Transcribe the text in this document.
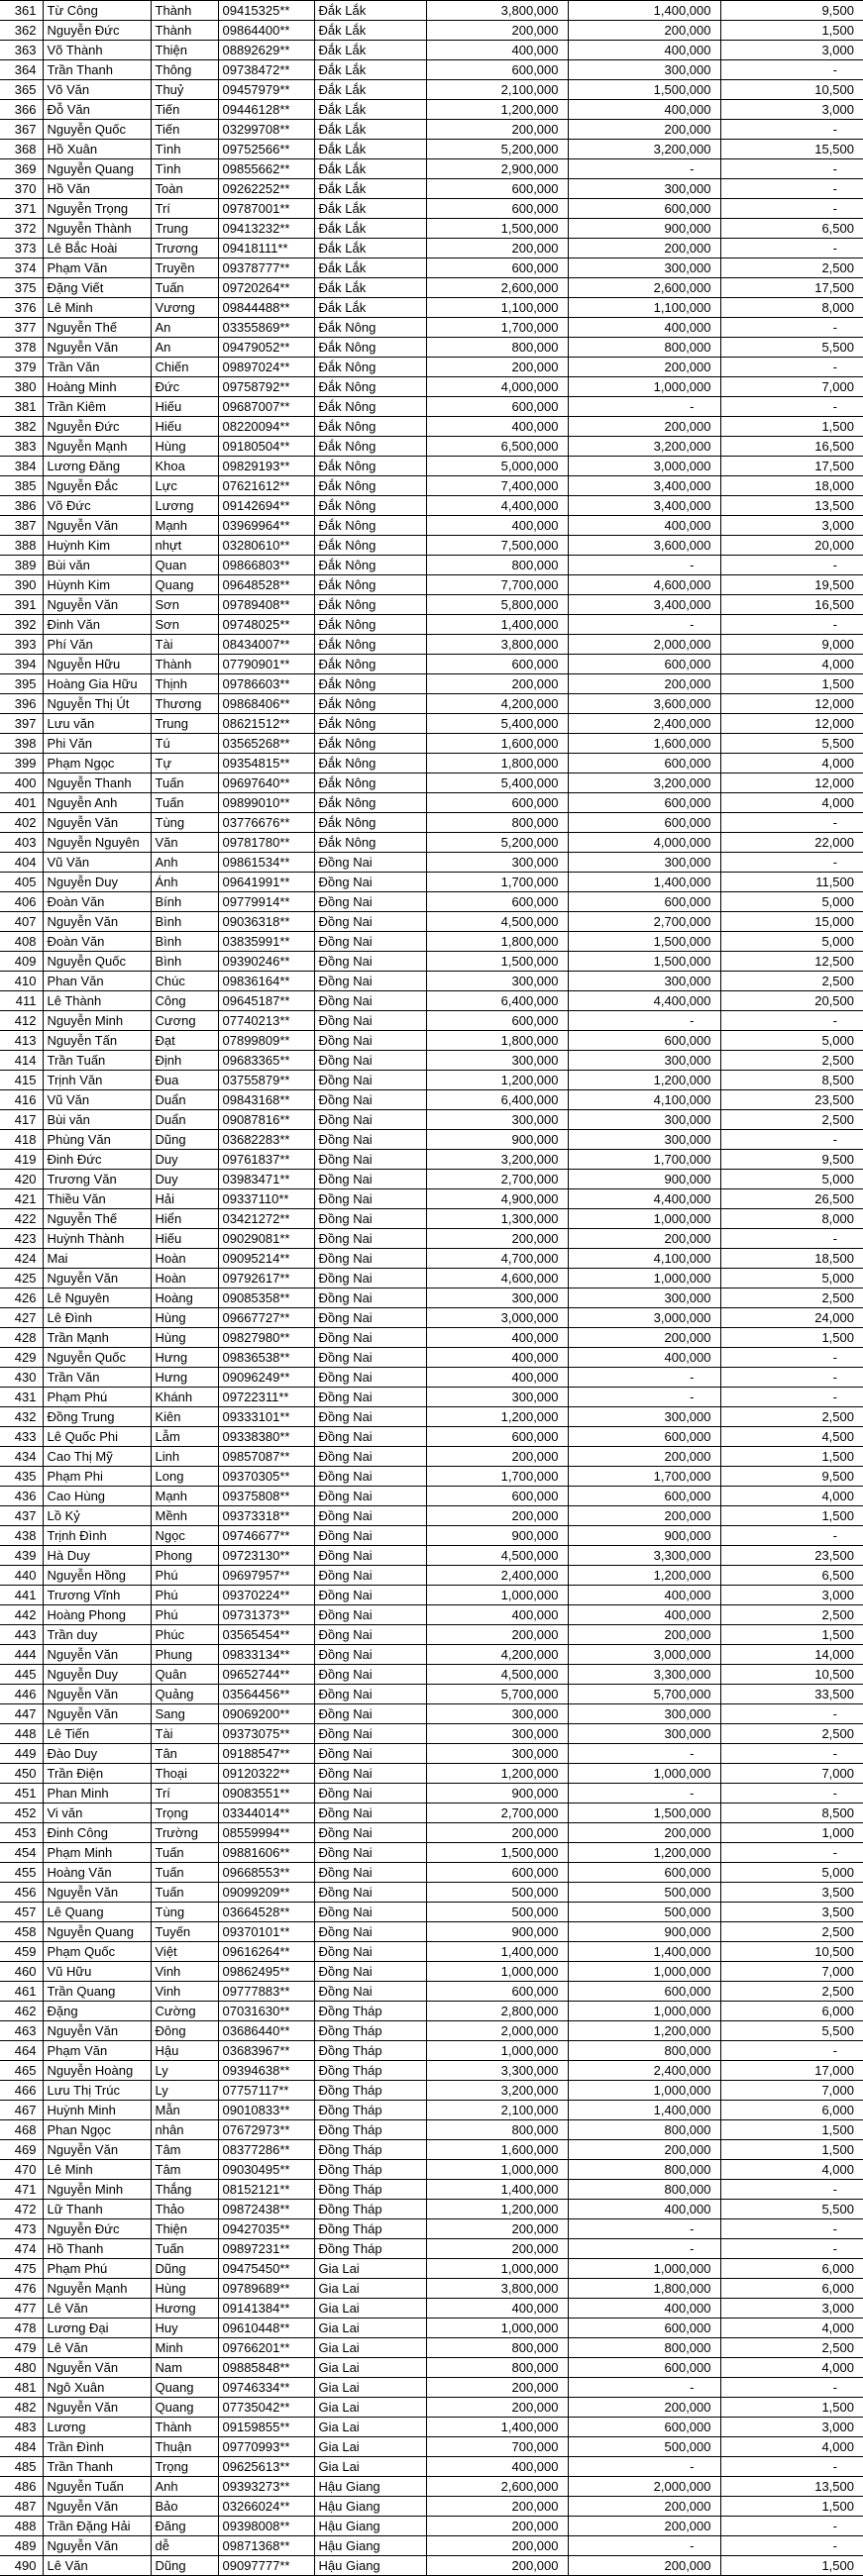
361	Từ Công	Thành	09415325**	Đắk Lắk	3,800,000	1,400,000	9,500
362	Nguyễn Đức	Thành	09864400**	Đắk Lắk	200,000	200,000	1,500
363	Võ Thành	Thiện	08892629**	Đắk Lắk	400,000	400,000	3,000
364	Trần Thanh	Thông	09738472**	Đắk Lắk	600,000	300,000	-
365	Võ Văn	Thuỷ	09457979**	Đắk Lắk	2,100,000	1,500,000	10,500
366	Đỗ Văn	Tiến	09446128**	Đắk Lắk	1,200,000	400,000	3,000
367	Nguyễn Quốc	Tiến	03299708**	Đắk Lắk	200,000	200,000	-
368	Hồ Xuân	Tình	09752566**	Đắk Lắk	5,200,000	3,200,000	15,500
369	Nguyễn Quang	Tình	09855662**	Đắk Lắk	2,900,000	-	-
370	Hồ Văn	Toàn	09262252**	Đắk Lắk	600,000	300,000	-
371	Nguyễn Trọng	Trí	09787001**	Đắk Lắk	600,000	600,000	-
372	Nguyễn Thành	Trung	09413232**	Đắk Lắk	1,500,000	900,000	6,500
373	Lê Bắc Hoài	Trương	09418111**	Đắk Lắk	200,000	200,000	-
374	Phạm Văn	Truyền	09378777**	Đắk Lắk	600,000	300,000	2,500
375	Đặng Viết	Tuấn	09720264**	Đắk Lắk	2,600,000	2,600,000	17,500
376	Lê Minh	Vương	09844488**	Đắk Lắk	1,100,000	1,100,000	8,000
377	Nguyễn Thế	An	03355869**	Đắk Nông	1,700,000	400,000	-
378	Nguyễn Văn	An	09479052**	Đắk Nông	800,000	800,000	5,500
379	Trần Văn	Chiến	09897024**	Đắk Nông	200,000	200,000	-
380	Hoàng Minh	Đức	09758792**	Đắk Nông	4,000,000	1,000,000	7,000
381	Trần Kiêm	Hiếu	09687007**	Đắk Nông	600,000	-	-
382	Nguyễn Đức	Hiếu	08220094**	Đắk Nông	400,000	200,000	1,500
383	Nguyễn Mạnh	Hùng	09180504**	Đắk Nông	6,500,000	3,200,000	16,500
384	Lương Đăng	Khoa	09829193**	Đắk Nông	5,000,000	3,000,000	17,500
385	Nguyễn Đắc	Lực	07621612**	Đắk Nông	7,400,000	3,400,000	18,000
386	Võ Đức	Lương	09142694**	Đắk Nông	4,400,000	3,400,000	13,500
387	Nguyễn Văn	Mạnh	03969964**	Đắk Nông	400,000	400,000	3,000
388	Huỳnh Kim	nhựt	03280610**	Đắk Nông	7,500,000	3,600,000	20,000
389	Bùi văn	Quan	09866803**	Đắk Nông	800,000	-	-
390	Hùynh Kim	Quang	09648528**	Đắk Nông	7,700,000	4,600,000	19,500
391	Nguyễn Văn	Sơn	09789408**	Đắk Nông	5,800,000	3,400,000	16,500
392	Đinh Văn	Sơn	09748025**	Đắk Nông	1,400,000	-	-
393	Phí Văn	Tài	08434007**	Đắk Nông	3,800,000	2,000,000	9,000
394	Nguyễn Hữu	Thành	07790901**	Đắk Nông	600,000	600,000	4,000
395	Hoàng Gia Hữu	Thịnh	09786603**	Đắk Nông	200,000	200,000	1,500
396	Nguyễn Thị Út	Thương	09868406**	Đắk Nông	4,200,000	3,600,000	12,000
397	Lưu văn	Trung	08621512**	Đắk Nông	5,400,000	2,400,000	12,000
398	Phi Văn	Tú	03565268**	Đắk Nông	1,600,000	1,600,000	5,500
399	Phạm Ngọc	Tự	09354815**	Đắk Nông	1,800,000	600,000	4,000
400	Nguyễn Thanh	Tuấn	09697640**	Đắk Nông	5,400,000	3,200,000	12,000
401	Nguyễn Anh	Tuấn	09899010**	Đắk Nông	600,000	600,000	4,000
402	Nguyễn Văn	Tùng	03776676**	Đắk Nông	800,000	600,000	-
403	Nguyễn Nguyên	Văn	09781780**	Đắk Nông	5,200,000	4,000,000	22,000
404	Vũ Văn	Anh	09861534**	Đồng Nai	300,000	300,000	-
405	Nguyễn Duy	Ánh	09641991**	Đồng Nai	1,700,000	1,400,000	11,500
406	Đoàn Văn	Bính	09779914**	Đồng Nai	600,000	600,000	5,000
407	Nguyễn Văn	Bình	09036318**	Đồng Nai	4,500,000	2,700,000	15,000
408	Đoàn Văn	Bình	03835991**	Đồng Nai	1,800,000	1,500,000	5,000
409	Nguyễn Quốc	Bình	09390246**	Đồng Nai	1,500,000	1,500,000	12,500
410	Phan Văn	Chúc	09836164**	Đồng Nai	300,000	300,000	2,500
411	Lê Thành	Công	09645187**	Đồng Nai	6,400,000	4,400,000	20,500
412	Nguyễn Minh	Cương	07740213**	Đồng Nai	600,000	-	-
413	Nguyễn Tấn	Đạt	07899809**	Đồng Nai	1,800,000	600,000	5,000
414	Trần Tuấn	Định	09683365**	Đồng Nai	300,000	300,000	2,500
415	Trịnh Văn	Đua	03755879**	Đồng Nai	1,200,000	1,200,000	8,500
416	Vũ Văn	Duẩn	09843168**	Đồng Nai	6,400,000	4,100,000	23,500
417	Bùi văn	Duẩn	09087816**	Đồng Nai	300,000	300,000	2,500
418	Phùng Văn	Dũng	03682283**	Đồng Nai	900,000	300,000	-
419	Đinh Đức	Duy	09761837**	Đồng Nai	3,200,000	1,700,000	9,500
420	Trương Văn	Duy	03983471**	Đồng Nai	2,700,000	900,000	5,000
421	Thiều Văn	Hải	09337110**	Đồng Nai	4,900,000	4,400,000	26,500
422	Nguyễn Thế	Hiển	03421272**	Đồng Nai	1,300,000	1,000,000	8,000
423	Huỳnh Thành	Hiếu	09029081**	Đồng Nai	200,000	200,000	-
424	Mai	Hoàn	09095214**	Đồng Nai	4,700,000	4,100,000	18,500
425	Nguyễn Văn	Hoàn	09792617**	Đồng Nai	4,600,000	1,000,000	5,000
426	Lê Nguyên	Hoàng	09085358**	Đồng Nai	300,000	300,000	2,500
427	Lê Đình	Hùng	09667727**	Đồng Nai	3,000,000	3,000,000	24,000
428	Trần Mạnh	Hùng	09827980**	Đồng Nai	400,000	200,000	1,500
429	Nguyễn Quốc	Hưng	09836538**	Đồng Nai	400,000	400,000	-
430	Trần Văn	Hưng	09096249**	Đồng Nai	400,000	-	-
431	Phạm Phú	Khánh	09722311**	Đồng Nai	300,000	-	-
432	Đồng Trung	Kiên	09333101**	Đồng Nai	1,200,000	300,000	2,500
433	Lê Quốc Phi	Lẫm	09338380**	Đồng Nai	600,000	600,000	4,500
434	Cao Thị Mỹ	Linh	09857087**	Đồng Nai	200,000	200,000	1,500
435	Phạm Phi	Long	09370305**	Đồng Nai	1,700,000	1,700,000	9,500
436	Cao Hùng	Mạnh	09375808**	Đồng Nai	600,000	600,000	4,000
437	Lồ Kỷ	Mềnh	09373318**	Đồng Nai	200,000	200,000	1,500
438	Trịnh Đình	Ngọc	09746677**	Đồng Nai	900,000	900,000	-
439	Hà Duy	Phong	09723130**	Đồng Nai	4,500,000	3,300,000	23,500
440	Nguyễn Hồng	Phú	09697957**	Đồng Nai	2,400,000	1,200,000	6,500
441	Trương Vĩnh	Phú	09370224**	Đồng Nai	1,000,000	400,000	3,000
442	Hoàng Phong	Phú	09731373**	Đồng Nai	400,000	400,000	2,500
443	Trần duy	Phúc	03565454**	Đồng Nai	200,000	200,000	1,500
444	Nguyễn Văn	Phung	09833134**	Đồng Nai	4,200,000	3,000,000	14,000
445	Nguyễn Duy	Quân	09652744**	Đồng Nai	4,500,000	3,300,000	10,500
446	Nguyễn Văn	Quảng	03564456**	Đồng Nai	5,700,000	5,700,000	33,500
447	Nguyễn Văn	Sang	09069200**	Đồng Nai	300,000	300,000	-
448	Lê Tiến	Tài	09373075**	Đồng Nai	300,000	300,000	2,500
449	Đào Duy	Tân	09188547**	Đồng Nai	300,000	-	-
450	Trần Điện	Thoại	09120322**	Đồng Nai	1,200,000	1,000,000	7,000
451	Phan Minh	Trí	09083551**	Đồng Nai	900,000	-	-
452	Vi văn	Trọng	03344014**	Đồng Nai	2,700,000	1,500,000	8,500
453	Đinh Công	Trường	08559994**	Đồng Nai	200,000	200,000	1,000
454	Phạm Minh	Tuấn	09881606**	Đồng Nai	1,500,000	1,200,000	-
455	Hoàng Văn	Tuấn	09668553**	Đồng Nai	600,000	600,000	5,000
456	Nguyễn Văn	Tuấn	09099209**	Đồng Nai	500,000	500,000	3,500
457	Lê Quang	Tùng	03664528**	Đồng Nai	500,000	500,000	3,500
458	Nguyễn Quang	Tuyến	09370101**	Đồng Nai	900,000	900,000	2,500
459	Phạm Quốc	Việt	09616264**	Đồng Nai	1,400,000	1,400,000	10,500
460	Vũ Hữu	Vinh	09862495**	Đồng Nai	1,000,000	1,000,000	7,000
461	Trần Quang	Vinh	09777883**	Đồng Nai	600,000	600,000	2,500
462	Đặng	Cường	07031630**	Đồng Tháp	2,800,000	1,000,000	6,000
463	Nguyễn Văn	Đông	03686440**	Đồng Tháp	2,000,000	1,200,000	5,500
464	Phạm Văn	Hậu	03683967**	Đồng Tháp	1,000,000	800,000	-
465	Nguyễn Hoàng	Ly	09394638**	Đồng Tháp	3,300,000	2,400,000	17,000
466	Lưu Thị Trúc	Ly	07757117**	Đồng Tháp	3,200,000	1,000,000	7,000
467	Huỳnh Minh	Mẫn	09010833**	Đồng Tháp	2,100,000	1,400,000	6,000
468	Phan Ngọc	nhân	07672973**	Đồng Tháp	800,000	800,000	1,500
469	Nguyễn Văn	Tâm	08377286**	Đồng Tháp	1,600,000	200,000	1,500
470	Lê Minh	Tâm	09030495**	Đồng Tháp	1,000,000	800,000	4,000
471	Nguyễn Minh	Thắng	08152121**	Đồng Tháp	1,400,000	800,000	-
472	Lữ Thanh	Thảo	09872438**	Đồng Tháp	1,200,000	400,000	5,500
473	Nguyễn Đức	Thiện	09427035**	Đồng Tháp	200,000	-	-
474	Hồ Thanh	Tuấn	09897231**	Đồng Tháp	200,000	-	-
475	Phạm Phú	Dũng	09475450**	Gia Lai	1,000,000	1,000,000	6,000
476	Nguyễn Mạnh	Hùng	09789689**	Gia Lai	3,800,000	1,800,000	6,000
477	Lê Văn	Hương	09141384**	Gia Lai	400,000	400,000	3,000
478	Lương Đại	Huy	09610448**	Gia Lai	1,000,000	600,000	4,000
479	Lê Văn	Minh	09766201**	Gia Lai	800,000	800,000	2,500
480	Nguyễn Văn	Nam	09885848**	Gia Lai	800,000	600,000	4,000
481	Ngô Xuân	Quang	09746334**	Gia Lai	200,000	-	-
482	Nguyễn Văn	Quang	07735042**	Gia Lai	200,000	200,000	1,500
483	Lương	Thành	09159855**	Gia Lai	1,400,000	600,000	3,000
484	Trần Đình	Thuận	09770993**	Gia Lai	700,000	500,000	4,000
485	Trần Thanh	Trọng	09625613**	Gia Lai	400,000	-	-
486	Nguyễn Tuấn	Anh	09393273**	Hậu Giang	2,600,000	2,000,000	13,500
487	Nguyễn Văn	Bảo	03266024**	Hậu Giang	200,000	200,000	1,500
488	Trần Đặng Hải	Đăng	09398008**	Hậu Giang	200,000	200,000	-
489	Nguyễn Văn	dễ	09871368**	Hậu Giang	200,000	-	-
490	Lê Văn	Dũng	09097777**	Hậu Giang	200,000	200,000	1,500
